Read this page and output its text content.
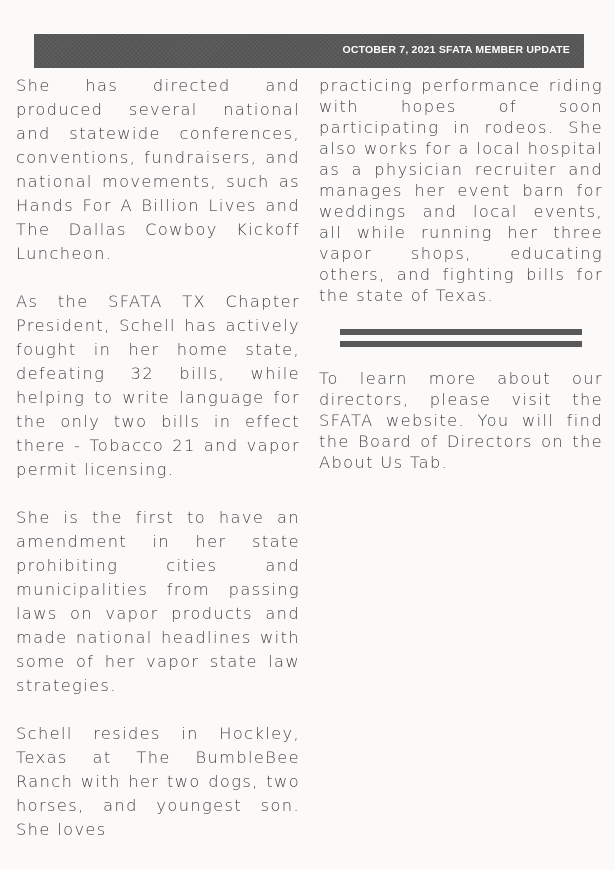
OCTOBER 7, 2021 SFATA MEMBER UPDATE

She has directed and produced several national and statewide conferences, conventions, fundraisers, and national movements, such as Hands For A Billion Lives and The Dallas Cowboy Kickoff Luncheon.

As the SFATA TX Chapter President, Schell has actively fought in her home state, defeating 32 bills, while helping to write language for the only two bills in effect there - Tobacco 21 and vapor permit licensing.

She is the first to have an amendment in her state prohibiting cities and municipalities from passing laws on vapor products and made national headlines with some of her vapor state law strategies.

Schell resides in Hockley, Texas at The BumbleBee Ranch with her two dogs, two horses, and youngest son. She loves

practicing performance riding with hopes of soon participating in rodeos. She also works for a local hospital as a physician recruiter and manages her event barn for weddings and local events, all while running her three vapor shops, educating others, and fighting bills for the state of Texas.

To learn more about our directors, please visit the SFATA website. You will find the Board of Directors on the About Us Tab.
